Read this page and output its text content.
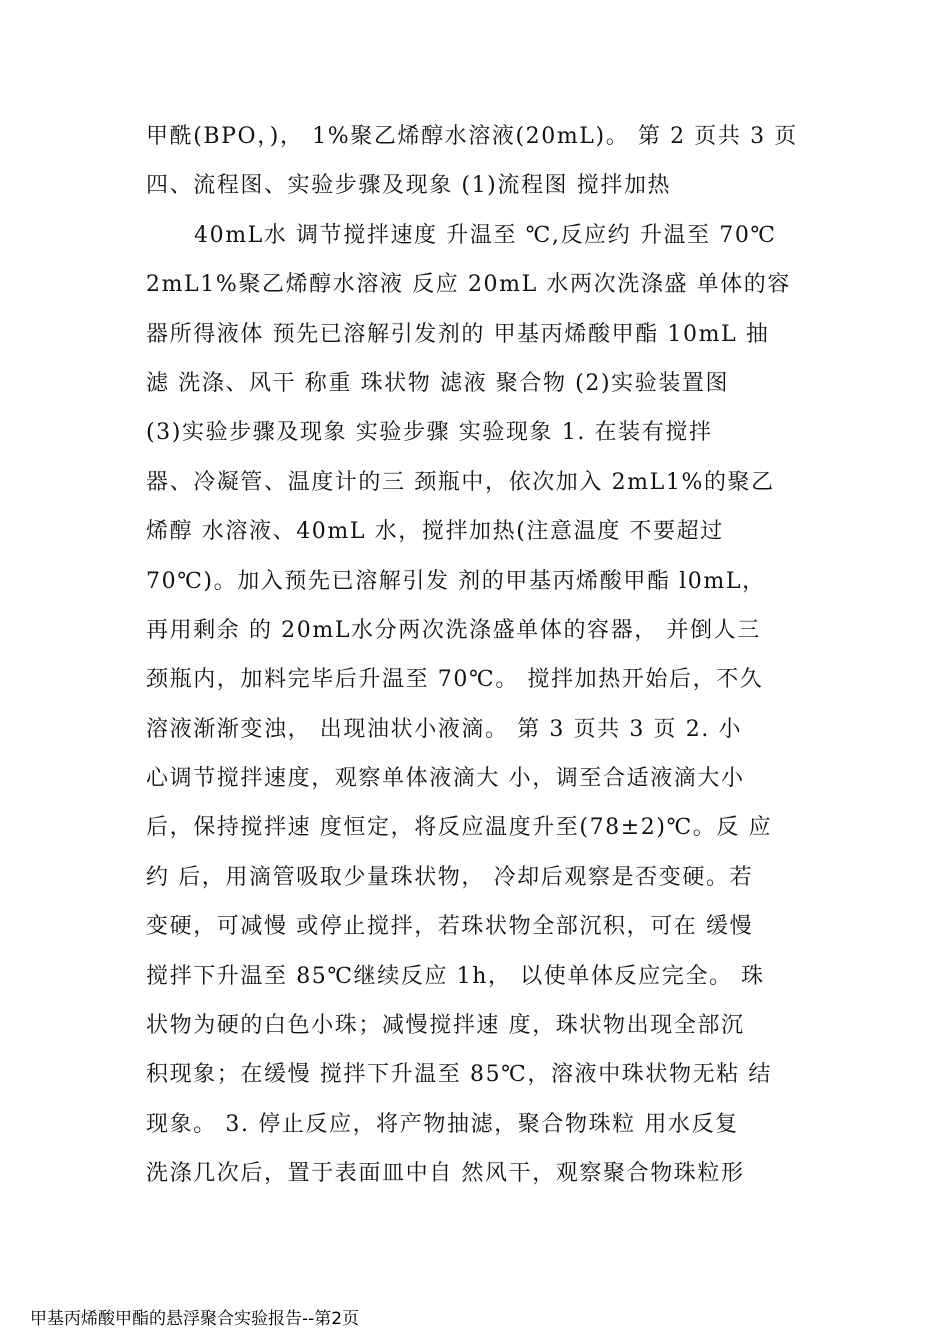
甲酰(BPO，)， 1%聚乙烯醇水溶液(20mL)。 第 2 页共 3 页
四、流程图、实验步骤及现象 (1)流程图 搅拌加热
40mL水 调节搅拌速度 升温至 ℃,反应约 升温至 70℃
2mL1%聚乙烯醇水溶液 反应 20mL 水两次洗涤盛 单体的容
器所得液体 预先已溶解引发剂的 甲基丙烯酸甲酯 10mL 抽
滤 洗涤、风干 称重 珠状物 滤液 聚合物 (2)实验装置图
(3)实验步骤及现象 实验步骤 实验现象 1. 在装有搅拌
器、冷凝管、温度计的三 颈瓶中，依次加入 2mL1%的聚乙
烯醇 水溶液、40mL 水，搅拌加热(注意温度 不要超过
70℃)。加入预先已溶解引发 剂的甲基丙烯酸甲酯 l0mL，
再用剩余 的 20mL水分两次洗涤盛单体的容器， 并倒人三
颈瓶内，加料完毕后升温至 70℃。 搅拌加热开始后，不久
溶液渐渐变浊， 出现油状小液滴。 第 3 页共 3 页 2. 小
心调节搅拌速度，观察单体液滴大 小，调至合适液滴大小
后，保持搅拌速 度恒定，将反应温度升至(78±2)℃。反 应
约 后，用滴管吸取少量珠状物， 冷却后观察是否变硬。若
变硬，可减慢 或停止搅拌，若珠状物全部沉积，可在 缓慢
搅拌下升温至 85℃继续反应 1h， 以使单体反应完全。 珠
状物为硬的白色小珠；减慢搅拌速 度，珠状物出现全部沉
积现象；在缓慢 搅拌下升温至 85℃，溶液中珠状物无粘 结
现象。 3. 停止反应，将产物抽滤，聚合物珠粒 用水反复
洗涤几次后，置于表面皿中自 然风干，观察聚合物珠粒形
甲基丙烯酸甲酯的悬浮聚合实验报告--第2页
